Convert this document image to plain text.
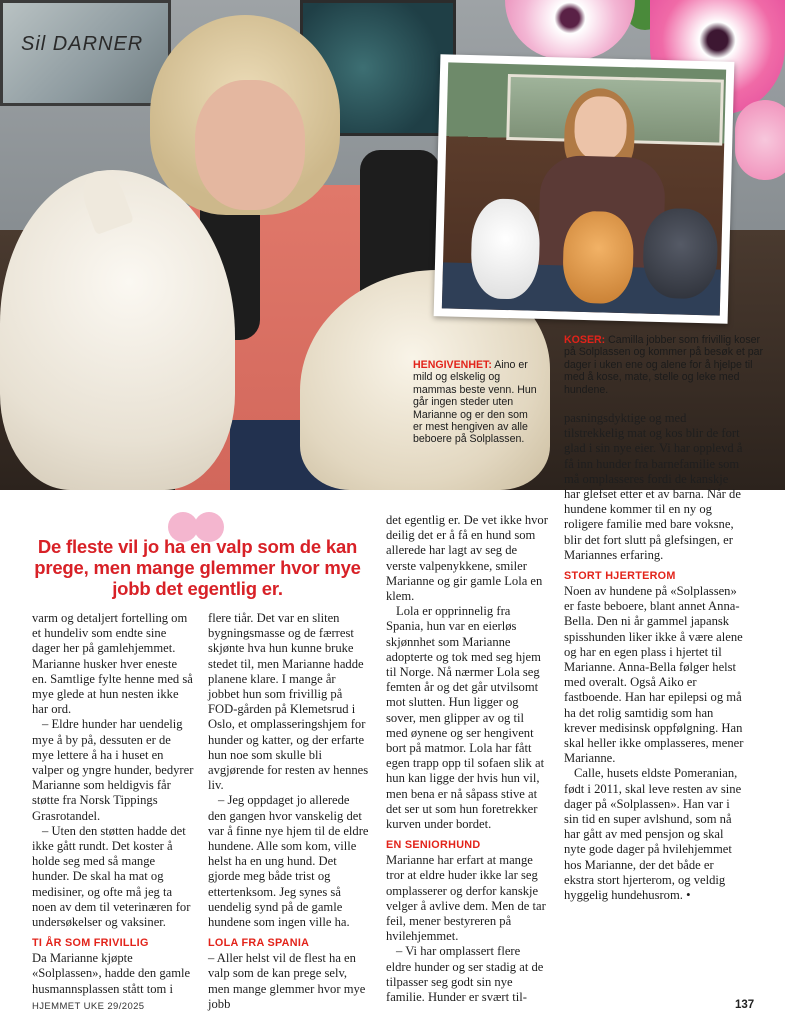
Sil DARNER
HENGIVENHET: Aino er mild og elskelig og mammas beste venn. Hun går ingen steder uten Marianne og er den som er mest hengiven av alle beboere på Solplassen.
KOSER: Camilla jobber som frivillig koser på Solplassen og kommer på besøk et par dager i uken ene og alene for å hjelpe til med å kose, mate, stelle og leke med hundene.
De fleste vil jo ha en valp som de kan prege, men mange glemmer hvor mye jobb det egentlig er.

varm og detaljert fortelling om et hundeliv som endte sine dager her på gamlehjemmet. Marianne husker hver eneste en. Samtlige fylte henne med så mye glede at hun nesten ikke har ord.

– Eldre hunder har uendelig mye å by på, dessuten er de mye lettere å ha i huset en valper og yngre hunder, bedyrer Marianne som heldigvis får støtte fra Norsk Tippings Grasrotandel.

– Uten den støtten hadde det ikke gått rundt. Det koster å holde seg med så mange hunder. De skal ha mat og medisiner, og ofte må jeg ta noen av dem til veterinæren for undersøkelser og vaksiner.

TI ÅR SOM FRIVILLIG

Da Marianne kjøpte «Solplassen», hadde den gamle husmannsplassen stått tom i

flere tiår. Det var en sliten bygningsmasse og de færrest skjønte hva hun kunne bruke stedet til, men Marianne hadde planene klare. I mange år jobbet hun som frivillig på FOD-gården på Klemetsrud i Oslo, et omplasseringshjem for hunder og katter, og der erfarte hun noe som skulle bli avgjørende for resten av hennes liv.

– Jeg oppdaget jo allerede den gangen hvor vanskelig det var å finne nye hjem til de eldre hundene. Alle som kom, ville helst ha en ung hund. Det gjorde meg både trist og ettertenksom. Jeg synes så uendelig synd på de gamle hundene som ingen ville ha.

LOLA FRA SPANIA

– Aller helst vil de flest ha en valp som de kan prege selv, men mange glemmer hvor mye jobb

det egentlig er. De vet ikke hvor deilig det er å få en hund som allerede har lagt av seg de verste valpenykkene, smiler Marianne og gir gamle Lola en klem.

Lola er opprinnelig fra Spania, hun var en eierløs skjønnhet som Marianne adopterte og tok med seg hjem til Norge. Nå nærmer Lola seg femten år og det går utvilsomt mot slutten. Hun ligger og sover, men glipper av og til med øynene og ser hengivent bort på matmor. Lola har fått egen trapp opp til sofaen slik at hun kan ligge der hvis hun vil, men bena er nå såpass stive at det ser ut som hun foretrekker kurven under bordet.

EN SENIORHUND

Marianne har erfart at mange tror at eldre huder ikke lar seg omplasserer og derfor kanskje velger å avlive dem. Men de tar feil, mener bestyreren på hvilehjemmet.

– Vi har omplassert flere eldre hunder og ser stadig at de tilpasser seg godt sin nye familie. Hunder er svært til-

pasningsdyktige og med tilstrekkelig mat og kos blir de fort glad i sin nye eier. Vi har opplevd å få inn hunder fra barnefamilie som må omplasseres fordi de kanskje har glefset etter et av barna. Når de hundene kommer til en ny og roligere familie med bare voksne, blir det fort slutt på glefsingen, er Mariannes erfaring.

STORT HJERTEROM

Noen av hundene på «Solplassen» er faste beboere, blant annet Anna-Bella. Den ni år gammel japansk spisshunden liker ikke å være alene og har en egen plass i hjertet til Marianne. Anna-Bella følger helst med overalt. Også Aiko er fastboende. Han har epilepsi og må ha det rolig samtidig som han krever medisinsk oppfølgning. Han skal heller ikke omplasseres, mener Marianne.

Calle, husets eldste Pomeranian, født i 2011, skal leve resten av sine dager på «Solplassen». Han var i sin tid en super avlshund, som nå har gått av med pensjon og skal nyte gode dager på hvilehjemmet hos Marianne, der det både er ekstra stort hjerterom, og veldig hyggelig hundehusrom. •

HJEMMET UKE 29/2025	137
